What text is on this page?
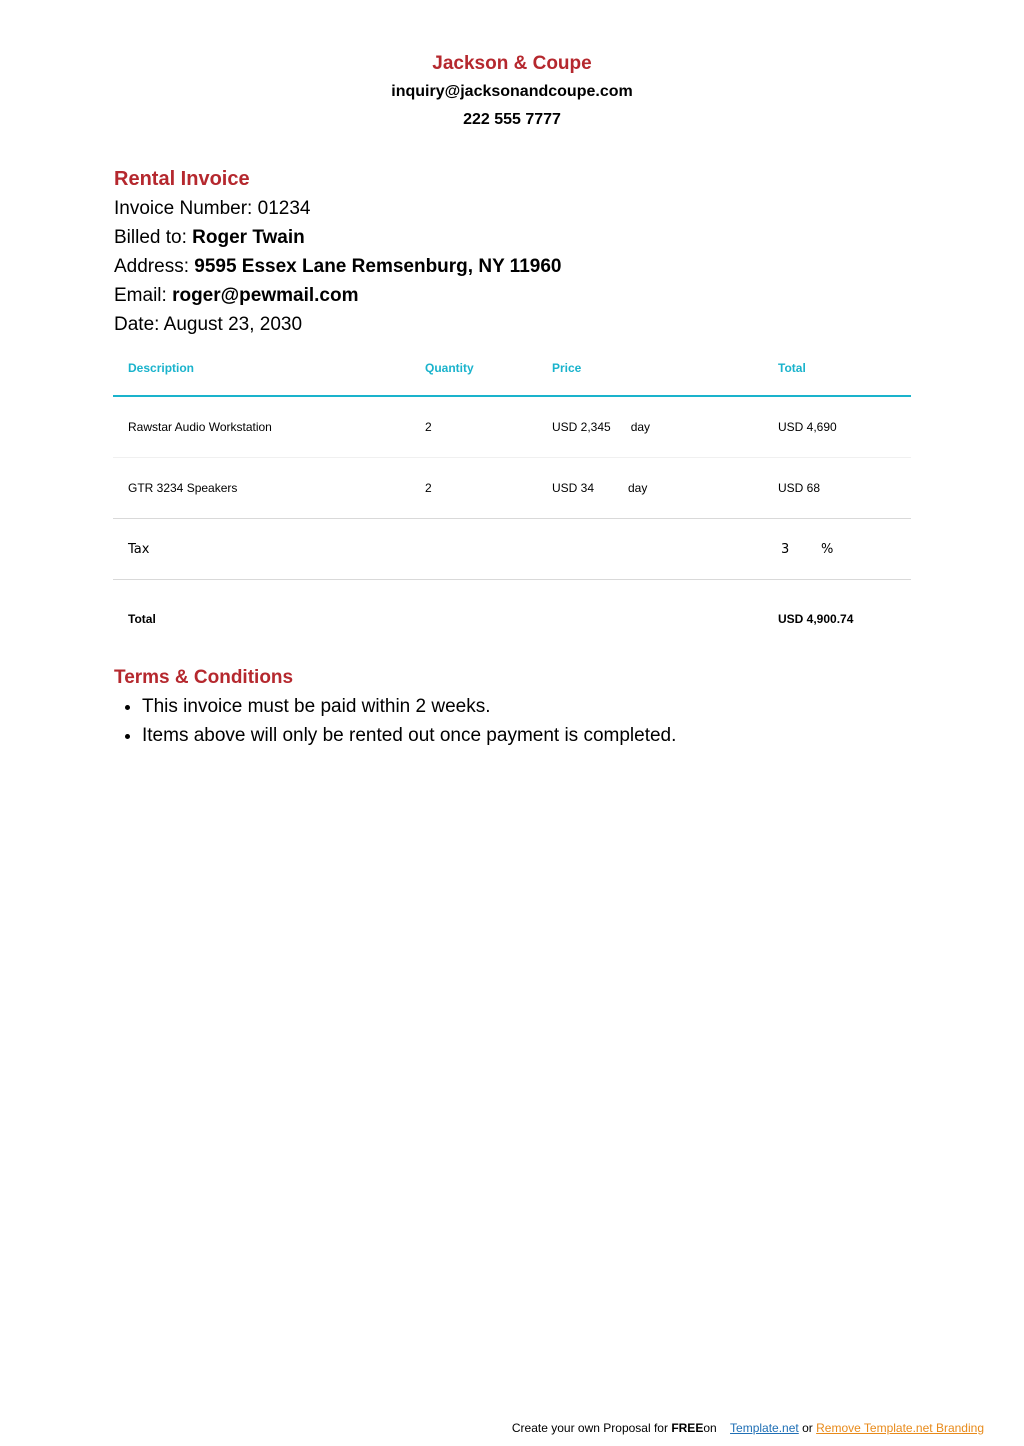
Jackson & Coupe

inquiry@jacksonandcoupe.com

222 555 7777

Rental Invoice

Invoice Number: 01234

Billed to: Roger Twain

Address: 9595 Essex Lane Remsenburg, NY 11960

Email: roger@pewmail.com

Date: August 23, 2030

Description	Quantity	Price	Total
Rawstar Audio Workstation	2	USD 2,345 day	USD 4,690
GTR 3234 Speakers	2	USD 34 day	USD 68
Tax			3 %
Total			USD 4,900.74

Terms & Conditions

• This invoice must be paid within 2 weeks.
• Items above will only be rented out once payment is completed.
Create your own Proposal for FREEon Template.net or Remove Template.net Branding
